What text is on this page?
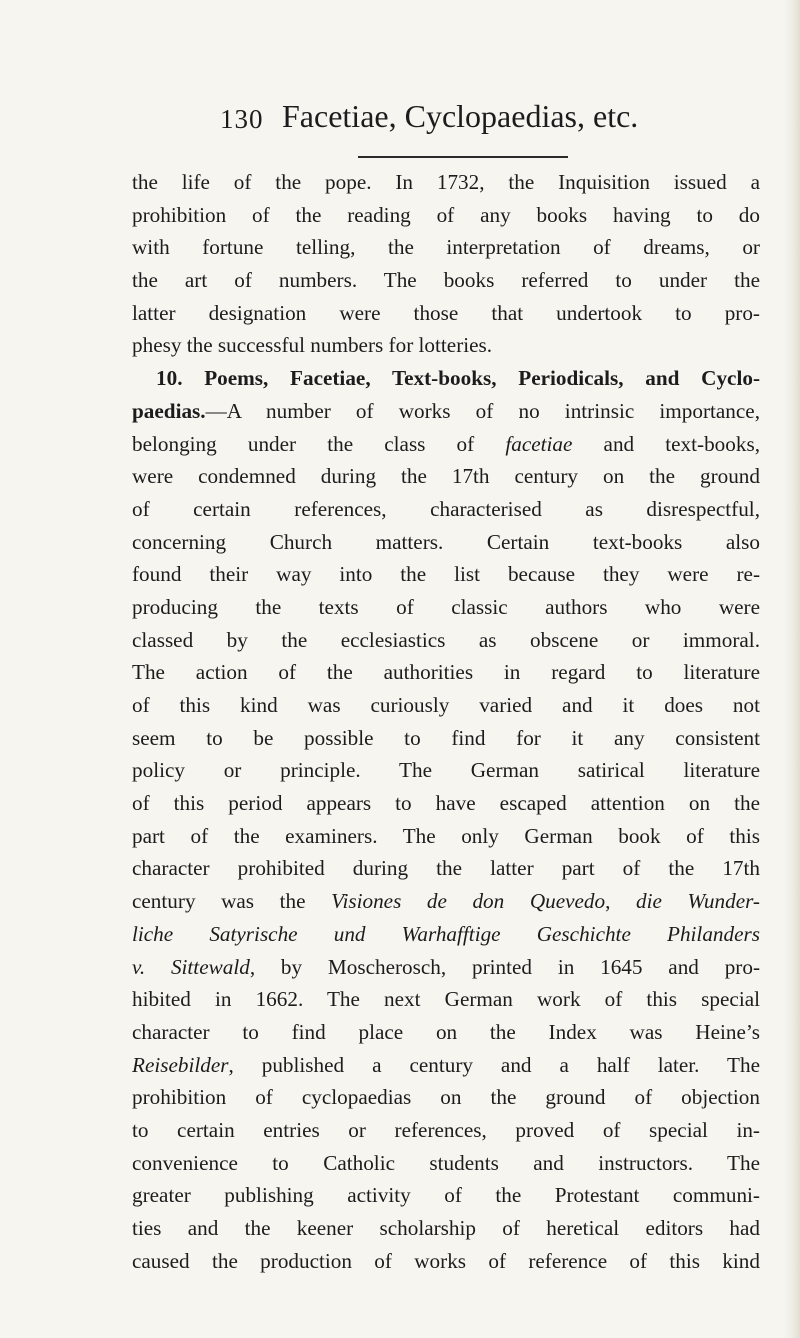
130 Facetiae, Cyclopaedias, etc.
the life of the pope. In 1732, the Inquisition issued a
prohibition of the reading of any books having to do
with fortune telling, the interpretation of dreams, or
the art of numbers. The books referred to under the
latter designation were those that undertook to pro-
phesy the successful numbers for lotteries.
10. Poems, Facetiae, Text-books, Periodicals, and Cyclo-
paedias.—A number of works of no intrinsic importance,
belonging under the class of facetiae and text-books,
were condemned during the 17th century on the ground
of certain references, characterised as disrespectful,
concerning Church matters. Certain text-books also
found their way into the list because they were re-
producing the texts of classic authors who were
classed by the ecclesiastics as obscene or immoral.
The action of the authorities in regard to literature
of this kind was curiously varied and it does not
seem to be possible to find for it any consistent
policy or principle. The German satirical literature
of this period appears to have escaped attention on the
part of the examiners. The only German book of this
character prohibited during the latter part of the 17th
century was the Visiones de don Quevedo, die Wunder-
liche Satyrische und Warhafftige Geschichte Philanders
v. Sittewald, by Moscherosch, printed in 1645 and pro-
hibited in 1662. The next German work of this special
character to find place on the Index was Heine’s
Reisebilder, published a century and a half later. The
prohibition of cyclopaedias on the ground of objection
to certain entries or references, proved of special in-
convenience to Catholic students and instructors. The
greater publishing activity of the Protestant communi-
ties and the keener scholarship of heretical editors had
caused the production of works of reference of this kind
